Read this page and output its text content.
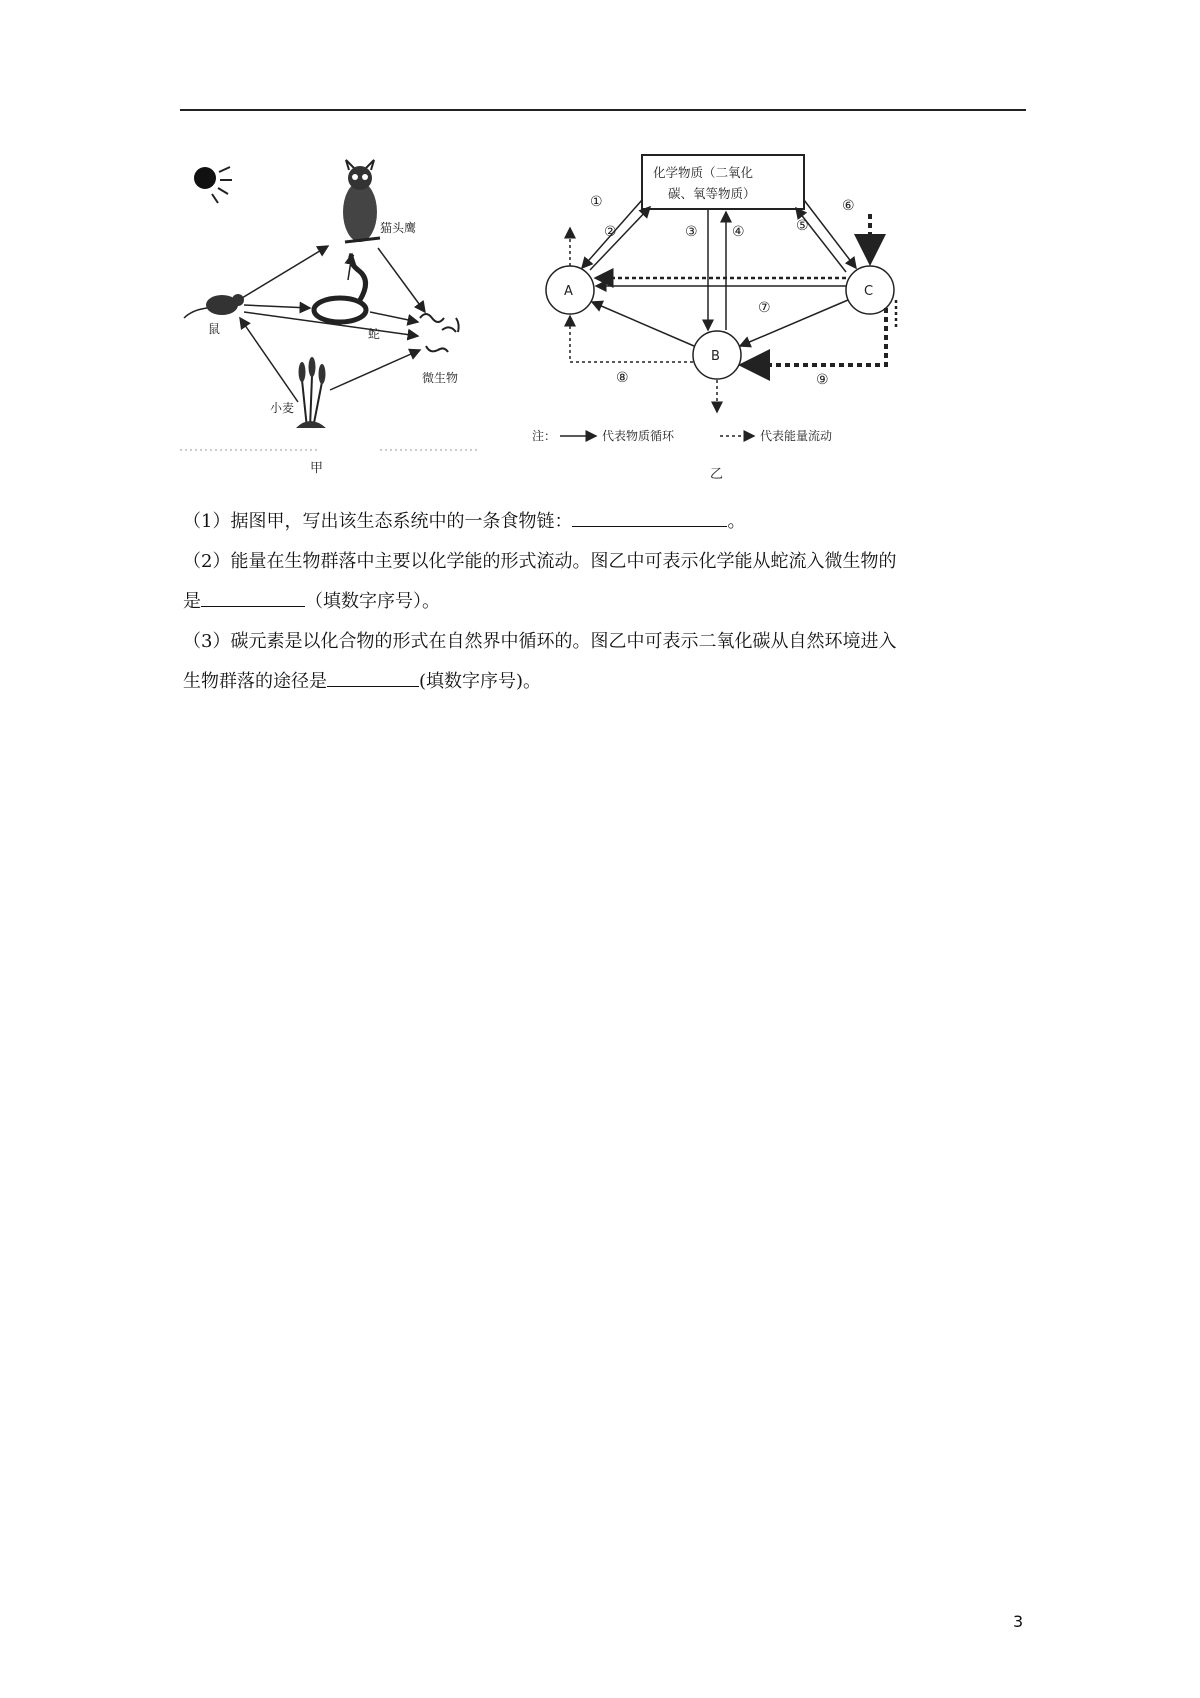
猫头鹰
鼠	蛇
微生物
小麦
甲
化学物质（二氧化
碳、氧等物质）
A
B
C
①
②	③ ④	⑤
⑥
⑦
⑧	⑨
注：	代表物质循环	代表能量流动
乙

（1）据图甲，写出该生态系统中的一条食物链：	。

（2）能量在生物群落中主要以化学能的形式流动。图乙中可表示化学能从蛇流入微生物的

是	（填数字序号）。

（3）碳元素是以化合物的形式在自然界中循环的。图乙中可表示二氧化碳从自然环境进入

生物群落的途径是	(填数字序号)。

3
